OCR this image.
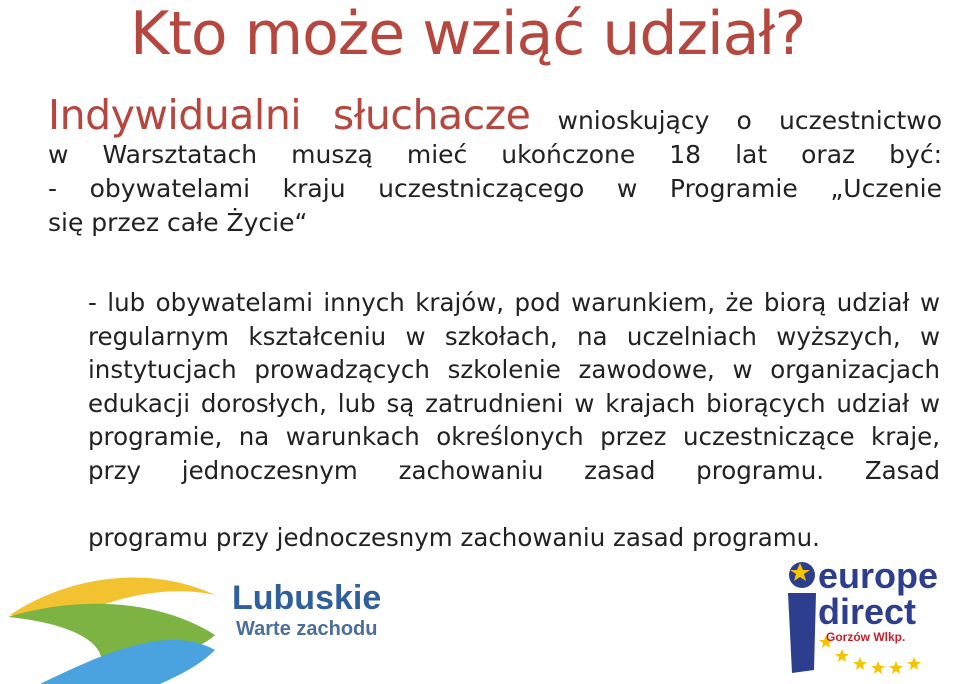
Kto może wziąć udział?

Indywidualni słuchacze wnioskujący o uczestnictwo
w Warsztatach muszą mieć ukończone 18 lat oraz być:
- obywatelami kraju uczestniczącego w Programie „Uczenie
się przez całe Życie“

- lub obywatelami innych krajów, pod warunkiem, że biorą udział w regularnym kształceniu w szkołach, na uczelniach wyższych, w instytucjach prowadzących szkolenie zawodowe, w organizacjach edukacji dorosłych, lub są zatrudnieni w krajach biorących udział w programie, na warunkach określonych przez uczestniczące kraje, przy jednoczesnym zachowaniu zasad programu. Zasad

programu przy jednoczesnym zachowaniu zasad programu.

Lubuskie
Warte zachodu
europe
direct
Gorzów Wlkp.
